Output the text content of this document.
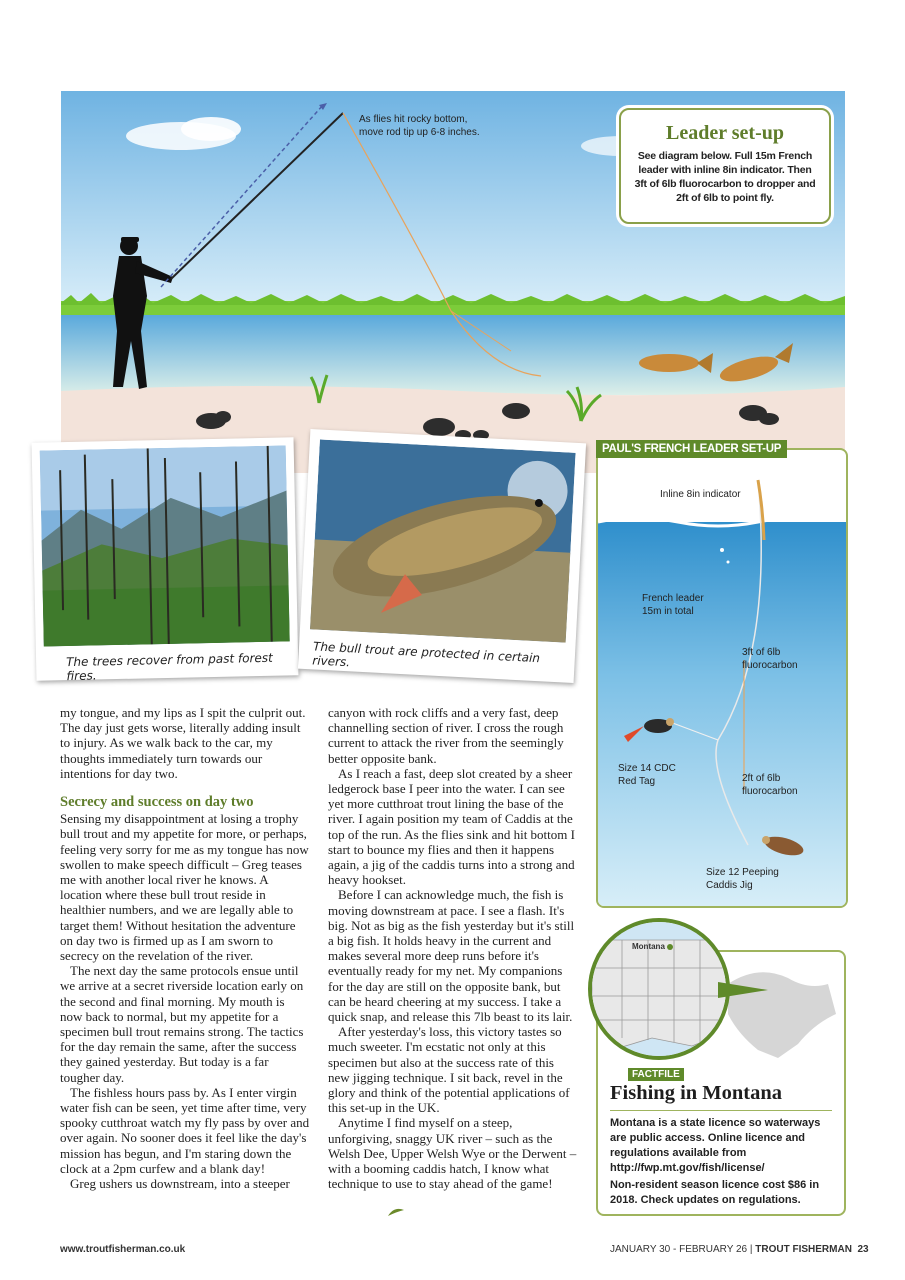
As flies hit rocky bottom, move rod tip up 6-8 inches.	Leader set-up

See diagram below. Full 15m French leader with inline 8in indicator. Then 3ft of 6lb fluorocarbon to dropper and 2ft of 6lb to point fly.

The trees recover from past forest fires.
The bull trout are protected in certain rivers.

my tongue, and my lips as I spit the culprit out. The day just gets worse, literally adding insult to injury. As we walk back to the car, my thoughts immediately turn towards our intentions for day two.

Secrecy and success on day two

Sensing my disappointment at losing a trophy bull trout and my appetite for more, or perhaps, feeling very sorry for me as my tongue has now swollen to make speech difficult – Greg teases me with another local river he knows. A location where these bull trout reside in healthier numbers, and we are legally able to target them! Without hesitation the adventure on day two is firmed up as I am sworn to secrecy on the revelation of the river.

The next day the same protocols ensue until we arrive at a secret riverside location early on the second and final morning. My mouth is now back to normal, but my appetite for a specimen bull trout remains strong. The tactics for the day remain the same, after the success they gained yesterday. But today is a far tougher day.

The fishless hours pass by. As I enter virgin water fish can be seen, yet time after time, very spooky cutthroat watch my fly pass by over and over again. No sooner does it feel like the day's mission has begun, and I'm staring down the clock at a 2pm curfew and a blank day!

Greg ushers us downstream, into a steeper

canyon with rock cliffs and a very fast, deep channelling section of river. I cross the rough current to attack the river from the seemingly better opposite bank.

As I reach a fast, deep slot created by a sheer ledgerock base I peer into the water. I can see yet more cutthroat trout lining the base of the river. I again position my team of Caddis at the top of the run. As the flies sink and hit bottom I start to bounce my flies and then it happens again, a jig of the caddis turns into a strong and heavy hookset.

Before I can acknowledge much, the fish is moving downstream at pace. I see a flash. It's big. Not as big as the fish yesterday but it's still a big fish. It holds heavy in the current and makes several more deep runs before it's eventually ready for my net. My companions for the day are still on the opposite bank, but can be heard cheering at my success. I take a quick snap, and release this 7lb beast to its lair.

After yesterday's loss, this victory tastes so much sweeter. I'm ecstatic not only at this specimen but also at the success rate of this new jigging technique. I sit back, revel in the glory and think of the potential applications of this set-up in the UK.

Anytime I find myself on a steep, unforgiving, snaggy UK river – such as the Welsh Dee, Upper Welsh Wye or the Derwent – with a booming caddis hatch, I know what technique to use to stay ahead of the game!

Inline 8in indicator
French leader
15m in total
3ft of 6lb
fluorocarbon
Size 14 CDC
Red Tag	2ft of 6lb
fluorocarbon
Size 12 Peeping
Caddis Jig
PAUL'S FRENCH LEADER SET-UP
FACTFILE
Fishing in Montana
Montana is a state licence so waterways are public access. Online licence and regulations available from http://fwp.mt.gov/fish/license/
Non-resident season licence cost $86 in 2018. Check updates on regulations.
Montana
www.troutfisherman.co.uk	JANUARY 30 - FEBRUARY 26 | TROUT FISHERMAN 23
